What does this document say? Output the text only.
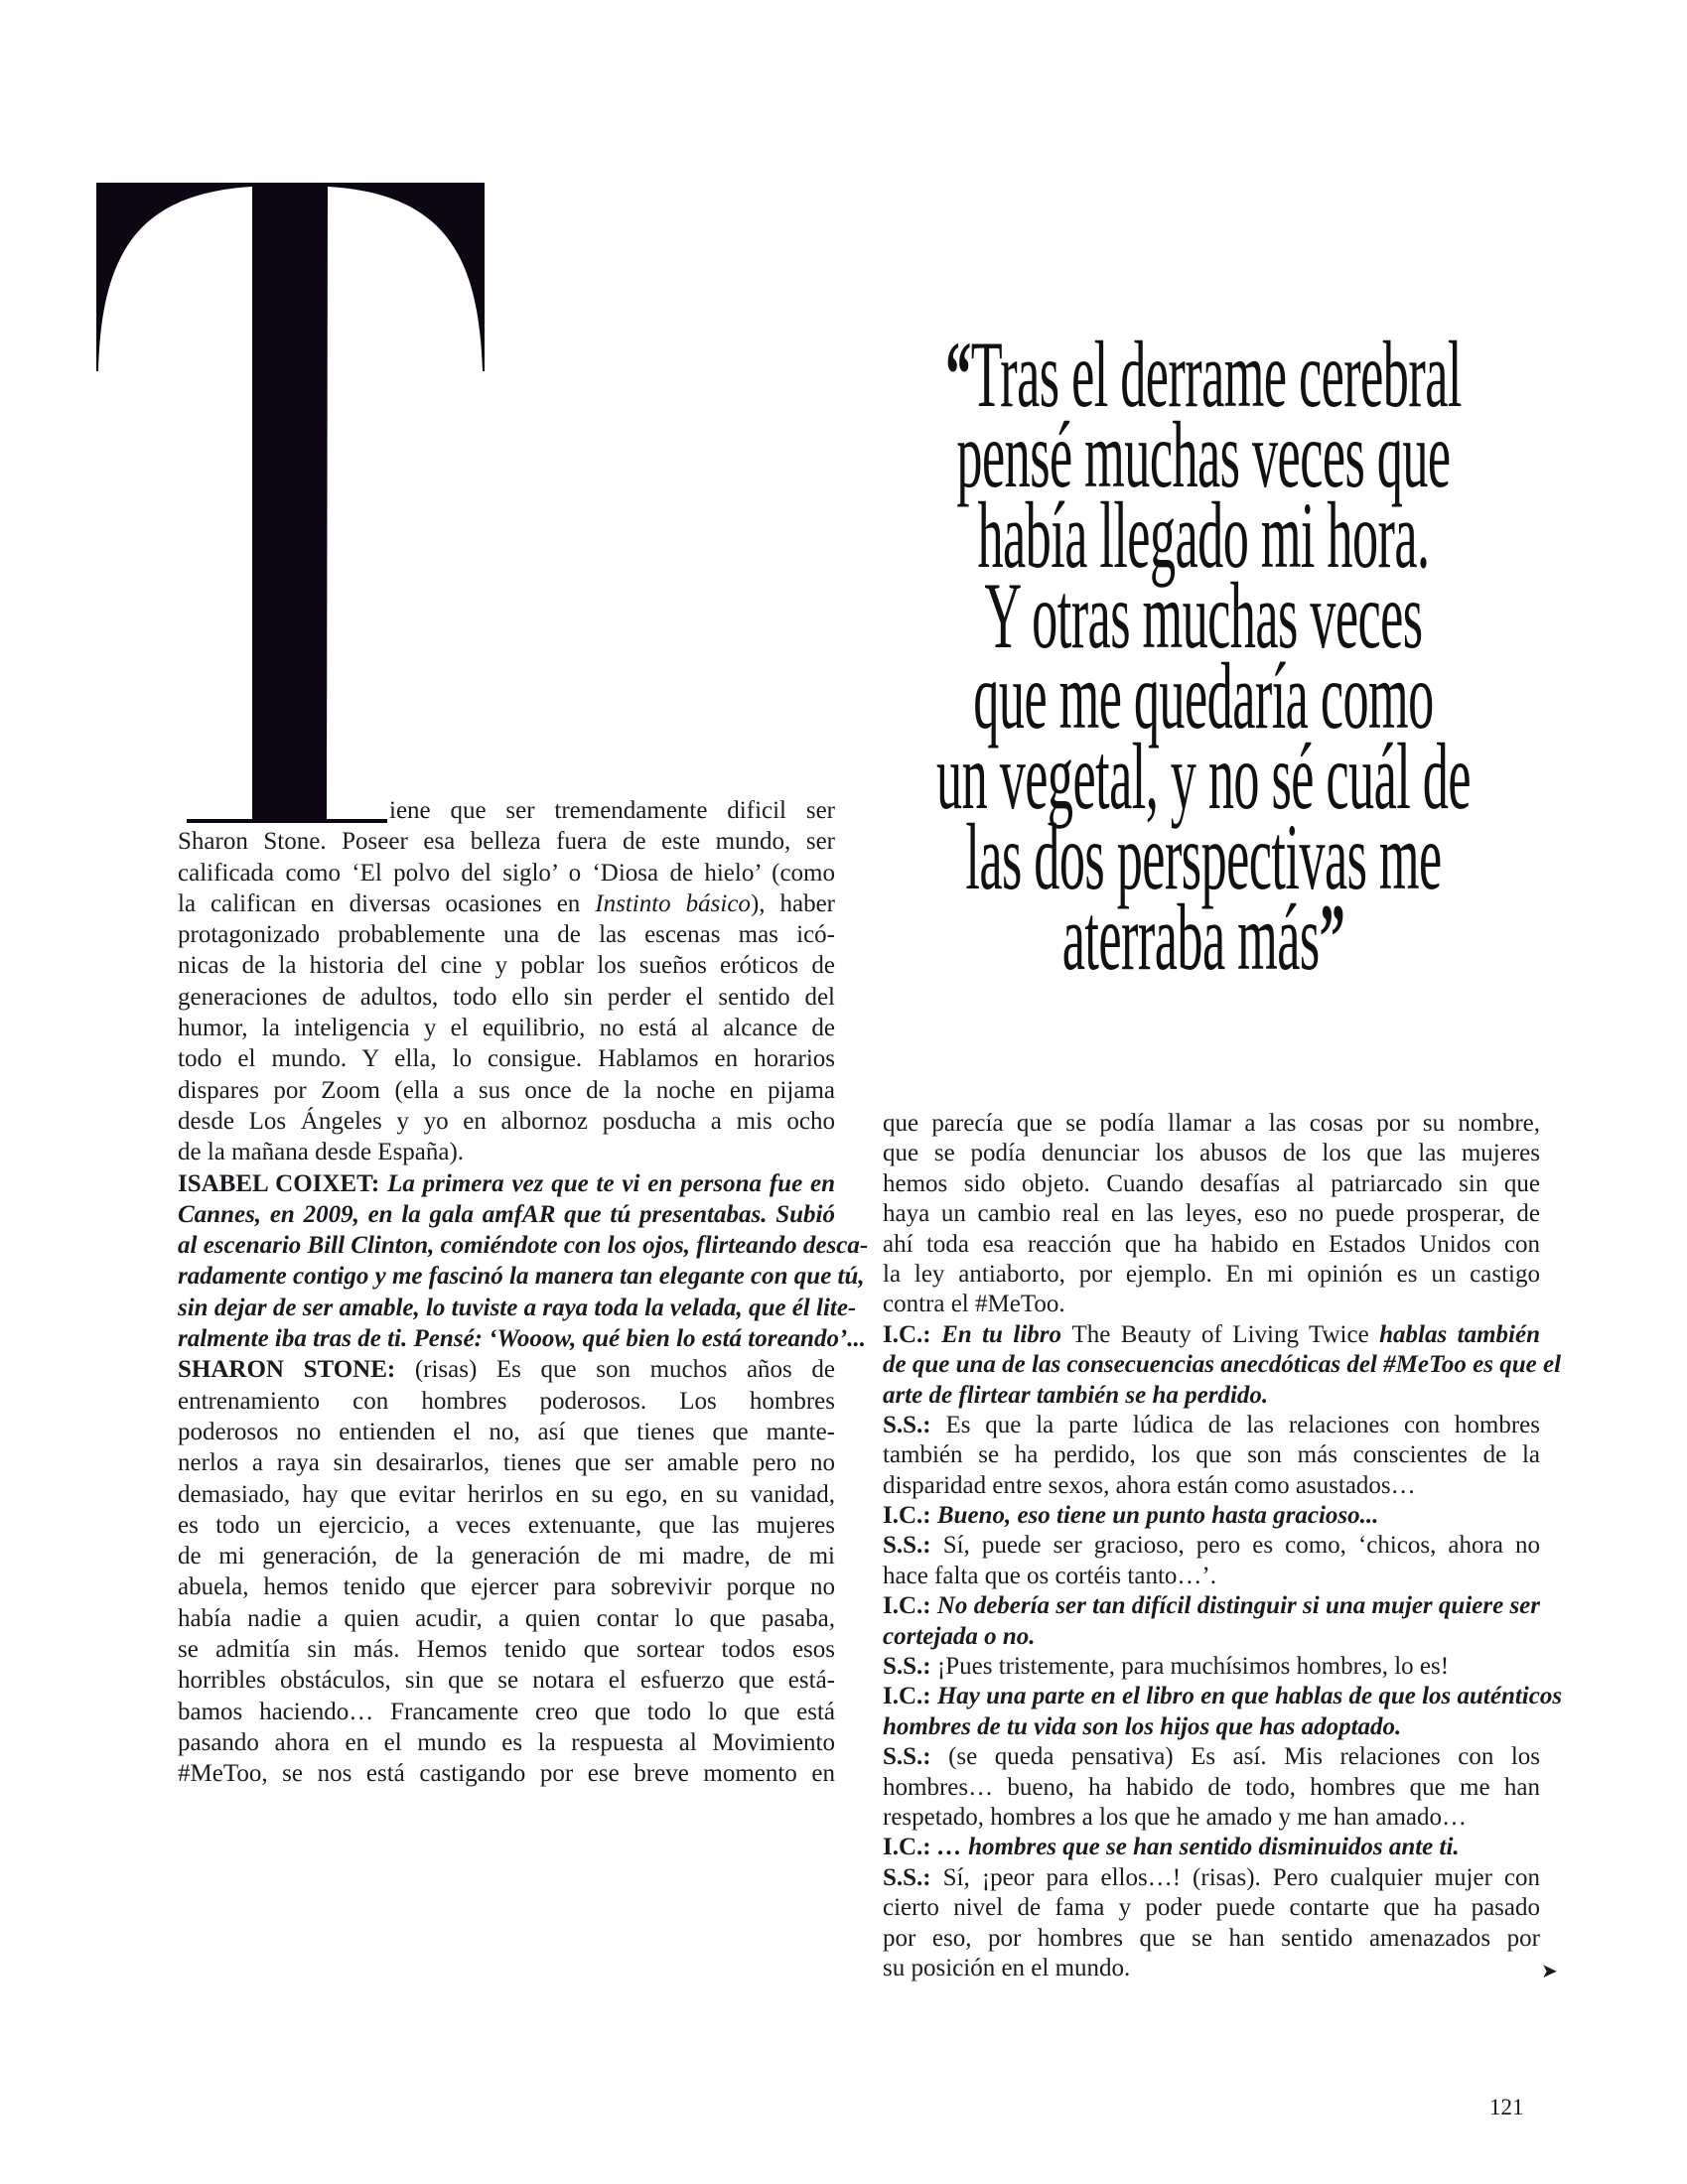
iene que ser tremendamente dificil ser
Sharon Stone. Poseer esa belleza fuera de este mundo, ser
calificada como ‘El polvo del siglo’ o ‘Diosa de hielo’ (como
la califican en diversas ocasiones en Instinto básico), haber
protagonizado probablemente una de las escenas mas icó-
nicas de la historia del cine y poblar los sueños eróticos de
generaciones de adultos, todo ello sin perder el sentido del
humor, la inteligencia y el equilibrio, no está al alcance de
todo el mundo. Y ella, lo consigue. Hablamos en horarios
dispares por Zoom (ella a sus once de la noche en pijama
desde Los Ángeles y yo en albornoz posducha a mis ocho
de la mañana desde España).
ISABEL COIXET: La primera vez que te vi en persona fue en
Cannes, en 2009, en la gala amfAR que tú presentabas. Subió
al escenario Bill Clinton, comiéndote con los ojos, flirteando desca-
radamente contigo y me fascinó la manera tan elegante con que tú,
sin dejar de ser amable, lo tuviste a raya toda la velada, que él lite-
ralmente iba tras de ti. Pensé: ‘Wooow, qué bien lo está toreando’...
SHARON STONE: (risas) Es que son muchos años de
entrenamiento con hombres poderosos. Los hombres
poderosos no entienden el no, así que tienes que mante-
nerlos a raya sin desairarlos, tienes que ser amable pero no
demasiado, hay que evitar herirlos en su ego, en su vanidad,
es todo un ejercicio, a veces extenuante, que las mujeres
de mi generación, de la generación de mi madre, de mi
abuela, hemos tenido que ejercer para sobrevivir porque no
había nadie a quien acudir, a quien contar lo que pasaba,
se admitía sin más. Hemos tenido que sortear todos esos
horribles obstáculos, sin que se notara el esfuerzo que está-
bamos haciendo… Francamente creo que todo lo que está
pasando ahora en el mundo es la respuesta al Movimiento
#MeToo, se nos está castigando por ese breve momento en
“Tras el derrame cerebral
pensé muchas veces que
había llegado mi hora.
Y otras muchas veces
que me quedaría como
un vegetal, y no sé cuál de
las dos perspectivas me
aterraba más”
que parecía que se podía llamar a las cosas por su nombre,
que se podía denunciar los abusos de los que las mujeres
hemos sido objeto. Cuando desafías al patriarcado sin que
haya un cambio real en las leyes, eso no puede prosperar, de
ahí toda esa reacción que ha habido en Estados Unidos con
la ley antiaborto, por ejemplo. En mi opinión es un castigo
contra el #MeToo.
I.C.: En tu libro The Beauty of Living Twice hablas también
de que una de las consecuencias anecdóticas del #MeToo es que el
arte de flirtear también se ha perdido.
S.S.: Es que la parte lúdica de las relaciones con hombres
también se ha perdido, los que son más conscientes de la
disparidad entre sexos, ahora están como asustados…
I.C.: Bueno, eso tiene un punto hasta gracioso...
S.S.: Sí, puede ser gracioso, pero es como, ‘chicos, ahora no
hace falta que os cortéis tanto…’.
I.C.: No debería ser tan difícil distinguir si una mujer quiere ser
cortejada o no.
S.S.: ¡Pues tristemente, para muchísimos hombres, lo es!
I.C.: Hay una parte en el libro en que hablas de que los auténticos
hombres de tu vida son los hijos que has adoptado.
S.S.: (se queda pensativa) Es así. Mis relaciones con los
hombres… bueno, ha habido de todo, hombres que me han
respetado, hombres a los que he amado y me han amado…
I.C.: … hombres que se han sentido disminuidos ante ti.
S.S.: Sí, ¡peor para ellos…! (risas). Pero cualquier mujer con
cierto nivel de fama y poder puede contarte que ha pasado
por eso, por hombres que se han sentido amenazados por
su posición en el mundo.	➤
121
